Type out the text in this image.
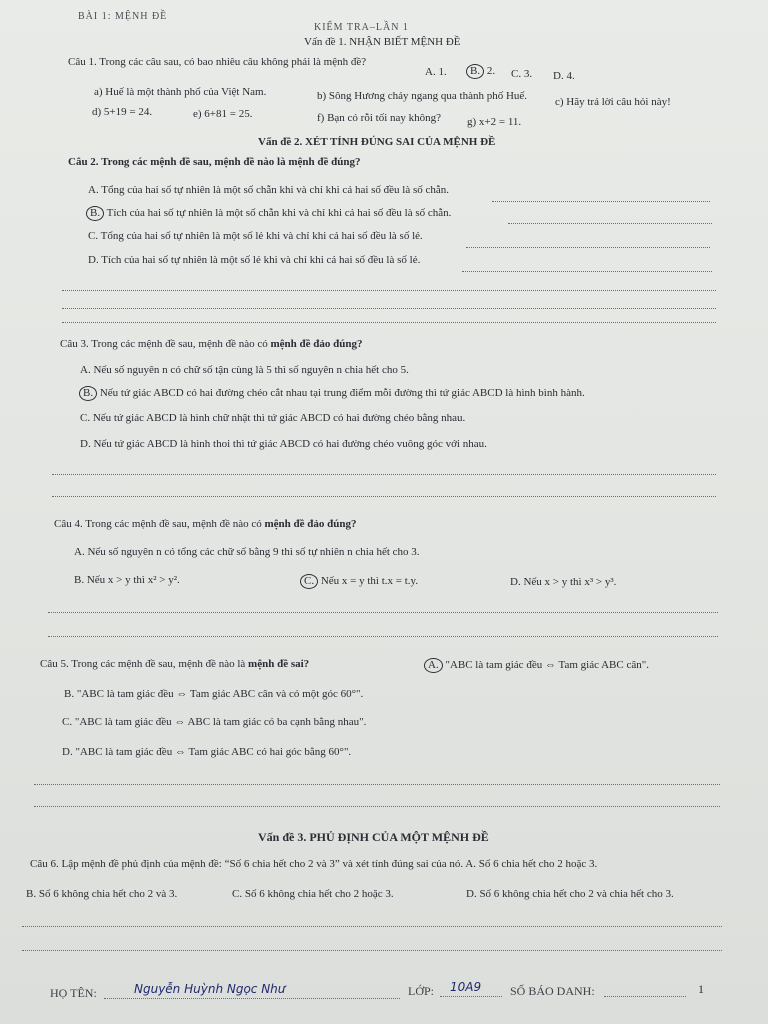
BÀI 1: MỆNH ĐỀ
KIỂM TRA–LẦN 1
Vấn đề 1. NHẬN BIẾT MỆNH ĐỀ
Câu 1. Trong các câu sau, có bao nhiêu câu không phải là mệnh đề?
A. 1.	B. 2. C. 3. D. 4.
a) Huế là một thành phố của Việt Nam.	b) Sông Hương chảy ngang qua thành phố Huế.	c) Hãy trả lời câu hỏi này!
d) 5+19 = 24.	e) 6+81 = 25.	f) Bạn có rỗi tối nay không? g) x+2 = 11.
Vấn đề 2. XÉT TÍNH ĐÚNG SAI CỦA MỆNH ĐỀ
Câu 2. Trong các mệnh đề sau, mệnh đề nào là mệnh đề đúng?
A. Tổng của hai số tự nhiên là một số chẵn khi và chỉ khi cả hai số đều là số chẵn.
B. Tích của hai số tự nhiên là một số chẵn khi và chỉ khi cả hai số đều là số chẵn.
C. Tổng của hai số tự nhiên là một số lẻ khi và chỉ khi cả hai số đều là số lẻ.
D. Tích của hai số tự nhiên là một số lẻ khi và chỉ khi cả hai số đều là số lẻ.
Câu 3. Trong các mệnh đề sau, mệnh đề nào có mệnh đề đảo đúng?
A. Nếu số nguyên n có chữ số tận cùng là 5 thì số nguyên n chia hết cho 5.
B. Nếu tứ giác ABCD có hai đường chéo cắt nhau tại trung điểm mỗi đường thì tứ giác ABCD là hình bình hành.
C. Nếu tứ giác ABCD là hình chữ nhật thì tứ giác ABCD có hai đường chéo bằng nhau.
D. Nếu tứ giác ABCD là hình thoi thì tứ giác ABCD có hai đường chéo vuông góc với nhau.
Câu 4. Trong các mệnh đề sau, mệnh đề nào có mệnh đề đảo đúng?
A. Nếu số nguyên n có tổng các chữ số bằng 9 thì số tự nhiên n chia hết cho 3.
B. Nếu x > y thì x² > y².	C. Nếu x = y thì t.x = t.y.	D. Nếu x > y thì x³ > y³.
Câu 5. Trong các mệnh đề sau, mệnh đề nào là mệnh đề sai?	A. "ABC là tam giác đều ⇔ Tam giác ABC cân".
B. "ABC là tam giác đều ⇔ Tam giác ABC cân và có một góc 60°".
C. "ABC là tam giác đều ⇔ ABC là tam giác có ba cạnh bằng nhau".
D. "ABC là tam giác đều ⇔ Tam giác ABC có hai góc bằng 60°".
Vấn đề 3. PHỦ ĐỊNH CỦA MỘT MỆNH ĐỀ
Câu 6. Lập mệnh đề phủ định của mệnh đề: “Số 6 chia hết cho 2 và 3” và xét tính đúng sai của nó. A. Số 6 chia hết cho 2 hoặc 3.
B. Số 6 không chia hết cho 2 và 3.	C. Số 6 không chia hết cho 2 hoặc 3.	D. Số 6 không chia hết cho 2 và chia hết cho 3.
HỌ TÊN:	Nguyễn Huỳnh Ngọc Như	LỚP: 10A9 SỐ BÁO DANH:	1
